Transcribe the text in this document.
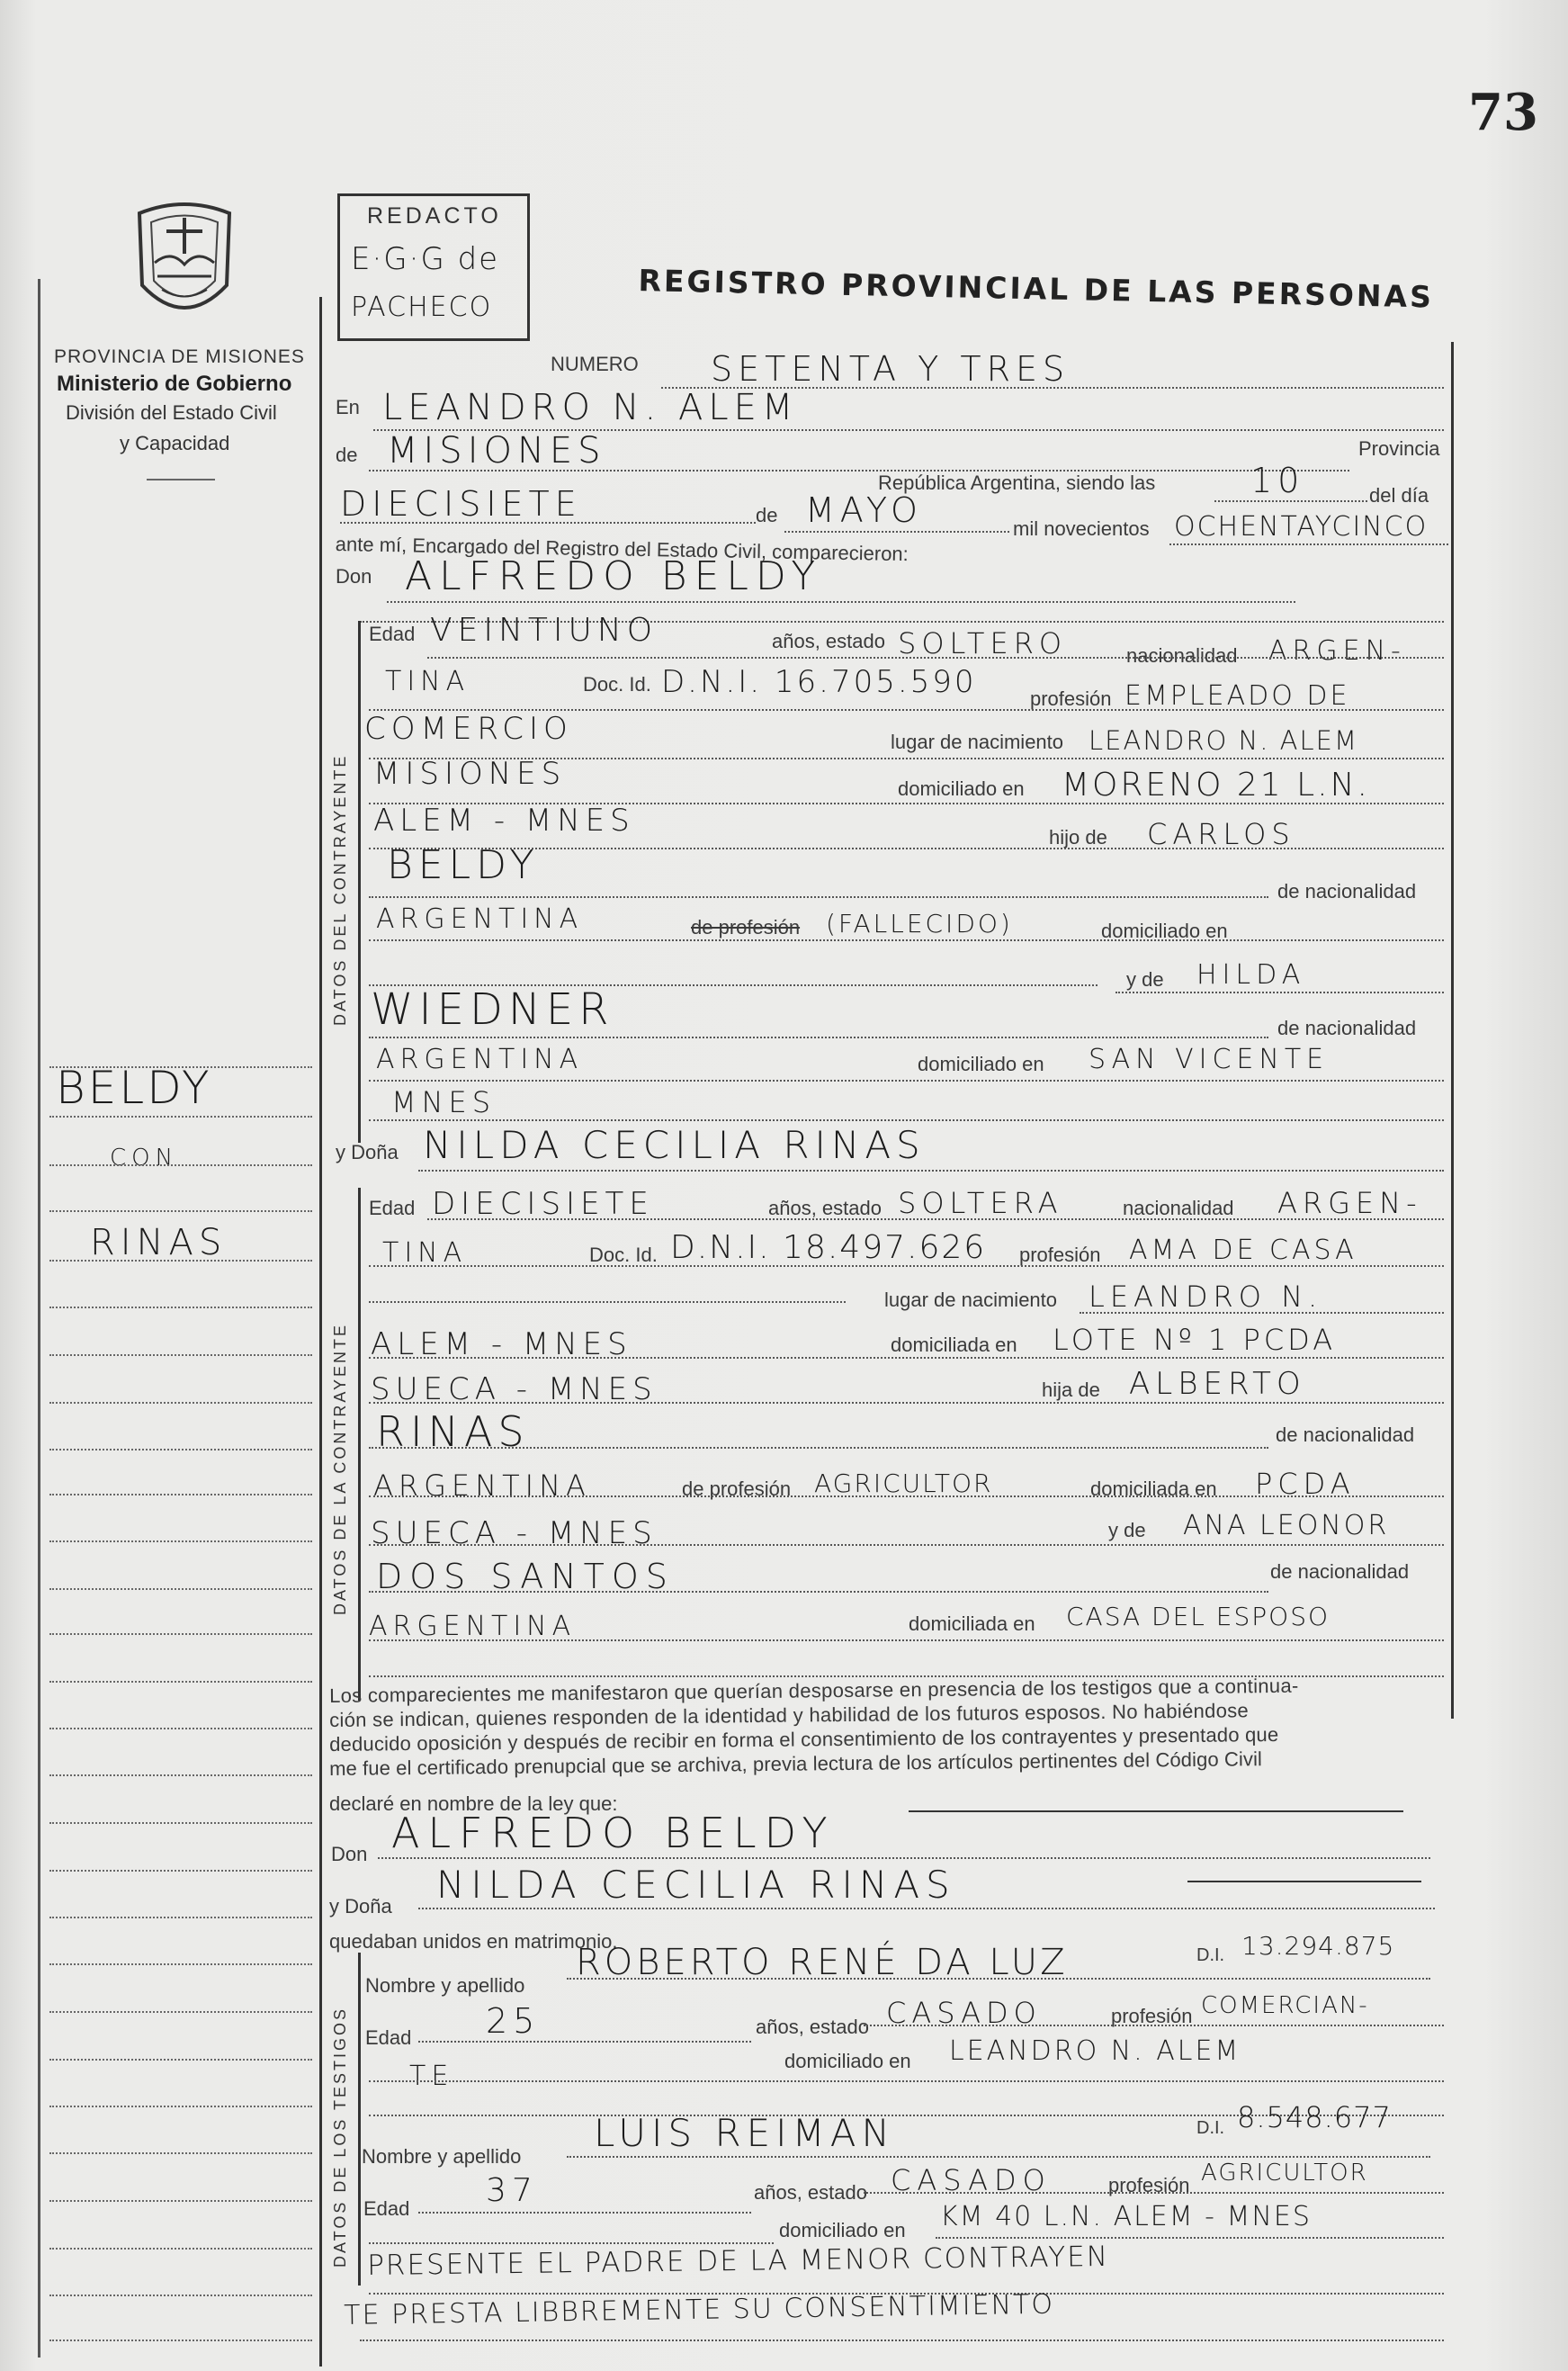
73
PROVINCIA DE MISIONES
Ministerio de Gobierno
División del Estado Civil
y Capacidad
REDACTO
E·G·G de
PACHECO	REGISTRO PROVINCIAL DE LAS PERSONAS
BELDY
CON
RINAS
NUMERO SETENTA Y TRES
En LEANDRO N. ALEM
de MISIONES	Provincia
República Argentina, siendo las	10	del día
DIECISIETE	de MAYO	mil novecientos OCHENTAYCINCO
ante mí, Encargado del Registro del Estado Civil, comparecieron:
Don ALFREDO BELDY
DATOS DEL CONTRAYENTE
Edad VEINTIUNO	años, estado SOLTERO	nacionalidad ARGEN-
TINA	Doc. Id. D.N.I. 16.705.590	profesión EMPLEADO DE
COMERCIO	lugar de nacimiento LEANDRO N. ALEM
MISIONES	domiciliado en MORENO 21 L.N.
ALEM - MNES	hijo de CARLOS
BELDY
de nacionalidad
ARGENTINA	de profesión (FALLECIDO)	domiciliado en
y de HILDA
WIEDNER	de nacionalidad
ARGENTINA	domiciliado en SAN VICENTE
MNES
y Doña NILDA CECILIA RINAS
DATOS DE LA CONTRAYENTE
Edad DIECISIETE	años, estado SOLTERA	nacionalidad ARGEN-
TINA	Doc. Id. D.N.I. 18.497.626 profesión AMA DE CASA
lugar de nacimiento LEANDRO N.
ALEM - MNES	domiciliada en LOTE Nº 1 PCDA
SUECA - MNES	hija de ALBERTO
RINAS	de nacionalidad
ARGENTINA	de profesión AGRICULTOR	domiciliada en PCDA
SUECA - MNES	y de ANA LEONOR
DOS SANTOS	de nacionalidad
ARGENTINA	domiciliada en CASA DEL ESPOSO
Los comparecientes me manifestaron que querían desposarse en presencia de los testigos que a continua-
ción se indican, quienes responden de la identidad y habilidad de los futuros esposos. No habiéndose
deducido oposición y después de recibir en forma el consentimiento de los contrayentes y presentado que
me fue el certificado prenupcial que se archiva, previa lectura de los artículos pertinentes del Código Civil
declaré en nombre de la ley que:
Don ALFREDO BELDY
y Doña NILDA CECILIA RINAS
quedaban unidos en matrimonio.
DATOS DE LOS TESTIGOS
Nombre y apellido
ROBERTO RENÉ DA LUZ	D.I. 13.294.875
Edad 25	años, estado CASADO	profesión COMERCIAN-
TE	domiciliado en LEANDRO N. ALEM
Nombre y apellido
LUIS REIMAN	D.I. 8.548.677
Edad 37	años, estado CASADO	profesión AGRICULTOR
domiciliado en KM 40 L.N. ALEM - MNES
PRESENTE EL PADRE DE LA MENOR CONTRAYEN
TE PRESTA LIBBREMENTE SU CONSENTIMIENTO
